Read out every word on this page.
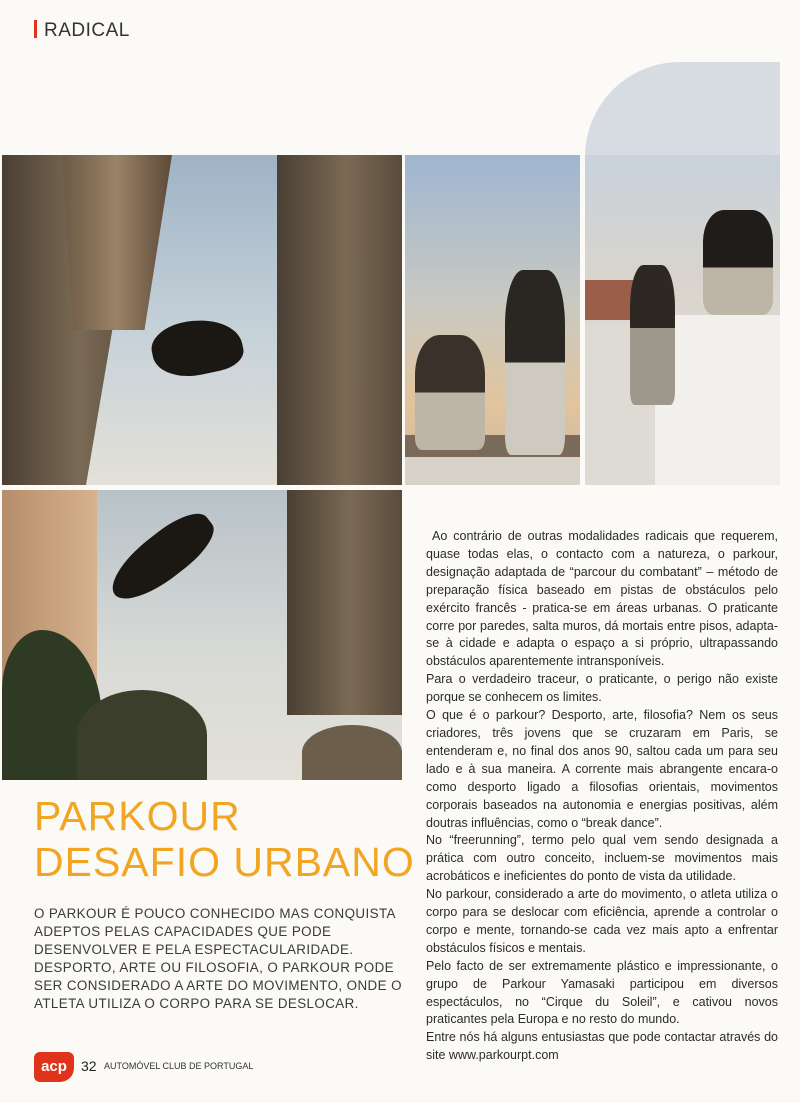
RADICAL
PARKOUR
DESAFIO URBANO
O PARKOUR É POUCO CONHECIDO MAS CONQUISTA ADEPTOS PELAS CAPACIDADES QUE PODE DESENVOLVER E PELA ESPECTACULARIDADE. DESPORTO, ARTE OU FILOSOFIA, O PARKOUR PODE SER CONSIDERADO A ARTE DO MOVIMENTO, ONDE O ATLETA UTILIZA O CORPO PARA SE DESLOCAR.

Ao contrário de outras modalidades radicais que requerem, quase todas elas, o contacto com a natureza, o parkour, designação adaptada de “parcour du combatant” – método de preparação física baseado em pistas de obstáculos pelo exército francês - pratica-se em áreas urbanas. O praticante corre por paredes, salta muros, dá mortais entre pisos, adapta-se à cidade e adapta o espaço a si próprio, ultrapassando obstáculos aparentemente intransponíveis.

Para o verdadeiro traceur, o praticante, o perigo não existe porque se conhecem os limites.

O que é o parkour? Desporto, arte, filosofia? Nem os seus criadores, três jovens que se cruzaram em Paris, se entenderam e, no final dos anos 90, saltou cada um para seu lado e à sua maneira. A corrente mais abrangente encara-o como desporto ligado a filosofias orientais, movimentos corporais baseados na autonomia e energias positivas, além doutras influências, como o “break dance”.

No “freerunning”, termo pelo qual vem sendo designada a prática com outro conceito, incluem-se movimentos mais acrobáticos e ineficientes do ponto de vista da utilidade.

No parkour, considerado a arte do movimento, o atleta utiliza o corpo para se deslocar com eficiência, aprende a controlar o corpo e mente, tornando-se cada vez mais apto a enfrentar obstáculos físicos e mentais.

Pelo facto de ser extremamente plástico e impressionante, o grupo de Parkour Yamasaki participou em diversos espectáculos, no “Cirque du Soleil”, e cativou novos praticantes pela Europa e no resto do mundo.

Entre nós há alguns entusiastas que pode contactar através do site www.parkourpt.com

acp	32 AUTOMÓVEL CLUB DE PORTUGAL
